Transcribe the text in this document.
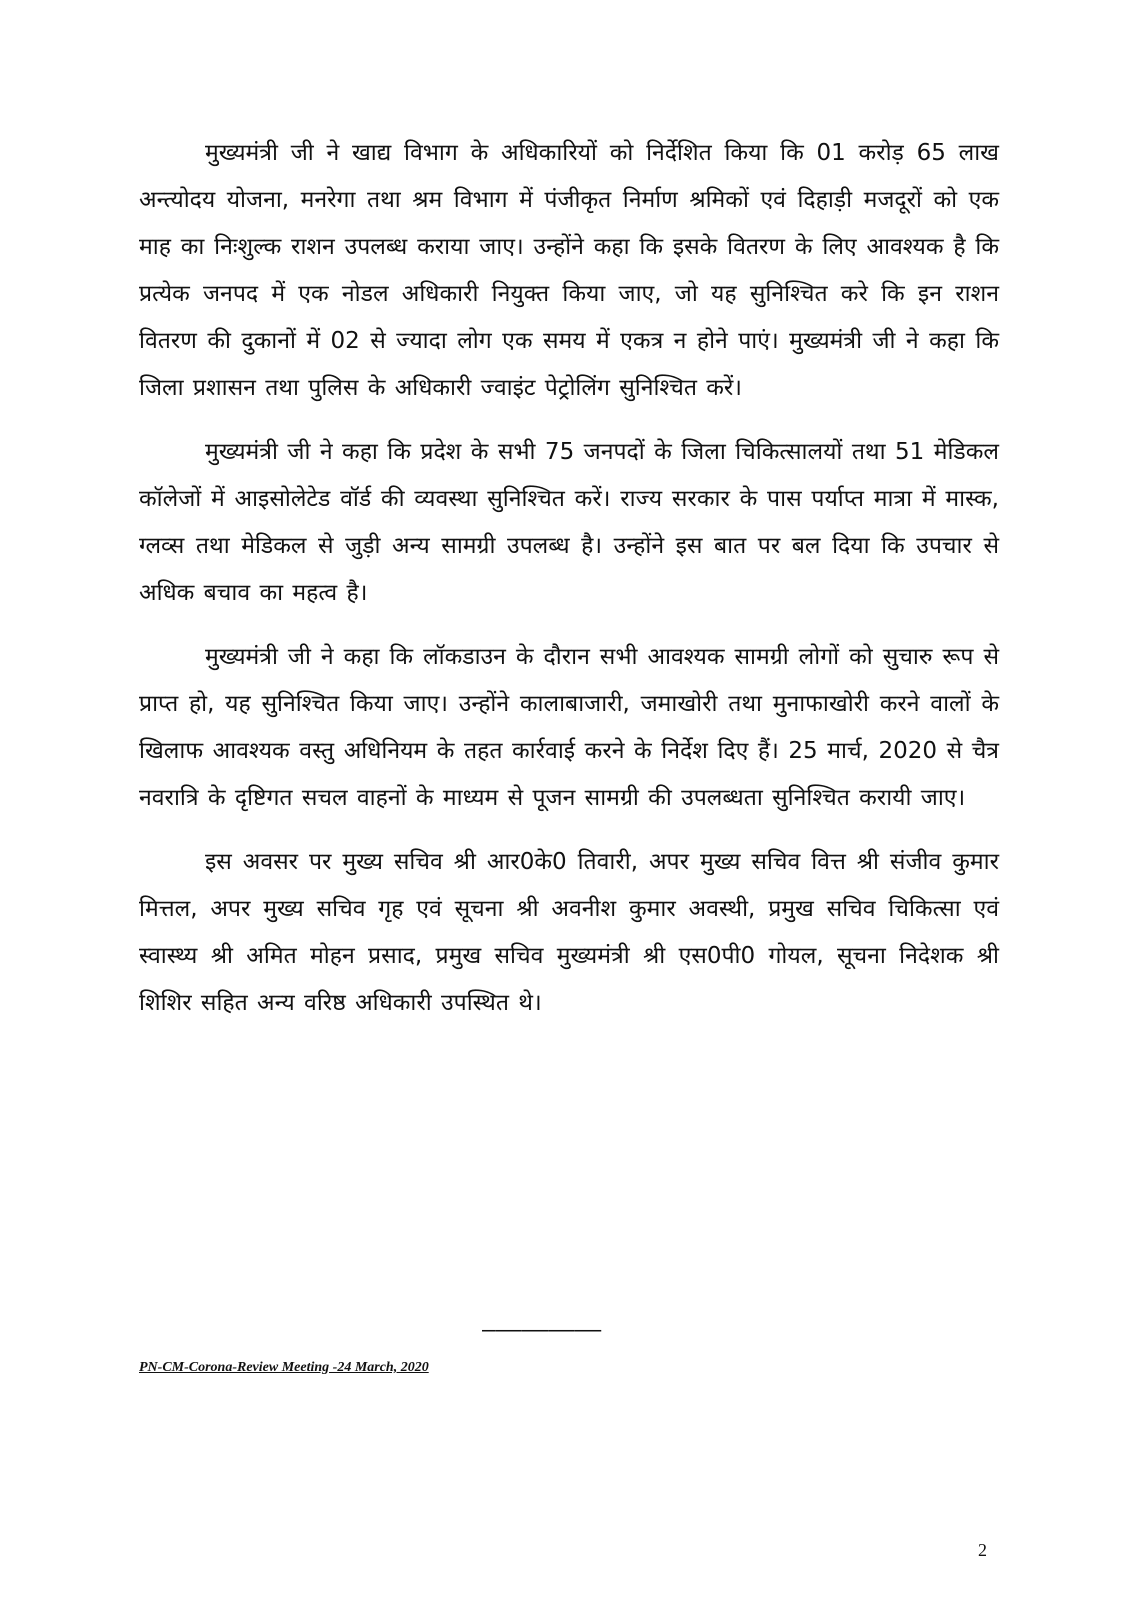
मुख्यमंत्री जी ने खाद्य विभाग के अधिकारियों को निर्देशित किया कि 01 करोड़ 65 लाख अन्त्योदय योजना, मनरेगा तथा श्रम विभाग में पंजीकृत निर्माण श्रमिकों एवं दिहाड़ी मजदूरों को एक माह का निःशुल्क राशन उपलब्ध कराया जाए। उन्होंने कहा कि इसके वितरण के लिए आवश्यक है कि प्रत्येक जनपद में एक नोडल अधिकारी नियुक्त किया जाए, जो यह सुनिश्चित करे कि इन राशन वितरण की दुकानों में 02 से ज्यादा लोग एक समय में एकत्र न होने पाएं। मुख्यमंत्री जी ने कहा कि जिला प्रशासन तथा पुलिस के अधिकारी ज्वाइंट पेट्रोलिंग सुनिश्चित करें।

मुख्यमंत्री जी ने कहा कि प्रदेश के सभी 75 जनपदों के जिला चिकित्सालयों तथा 51 मेडिकल कॉलेजों में आइसोलेटेड वॉर्ड की व्यवस्था सुनिश्चित करें। राज्य सरकार के पास पर्याप्त मात्रा में मास्क, ग्लव्स तथा मेडिकल से जुड़ी अन्य सामग्री उपलब्ध है। उन्होंने इस बात पर बल दिया कि उपचार से अधिक बचाव का महत्व है।

मुख्यमंत्री जी ने कहा कि लॉकडाउन के दौरान सभी आवश्यक सामग्री लोगों को सुचारु रूप से प्राप्त हो, यह सुनिश्चित किया जाए। उन्होंने कालाबाजारी, जमाखोरी तथा मुनाफाखोरी करने वालों के खिलाफ आवश्यक वस्तु अधिनियम के तहत कार्रवाई करने के निर्देश दिए हैं। 25 मार्च, 2020 से चैत्र नवरात्रि के दृष्टिगत सचल वाहनों के माध्यम से पूजन सामग्री की उपलब्धता सुनिश्चित करायी जाए।

इस अवसर पर मुख्य सचिव श्री आर0के0 तिवारी, अपर मुख्य सचिव वित्त श्री संजीव कुमार मित्तल, अपर मुख्य सचिव गृह एवं सूचना श्री अवनीश कुमार अवस्थी, प्रमुख सचिव चिकित्सा एवं स्वास्थ्य श्री अमित मोहन प्रसाद, प्रमुख सचिव मुख्यमंत्री श्री एस0पी0 गोयल, सूचना निदेशक श्री शिशिर सहित अन्य वरिष्ठ अधिकारी उपस्थित थे।

—————————
PN-CM-Corona-Review Meeting -24 March, 2020
2
